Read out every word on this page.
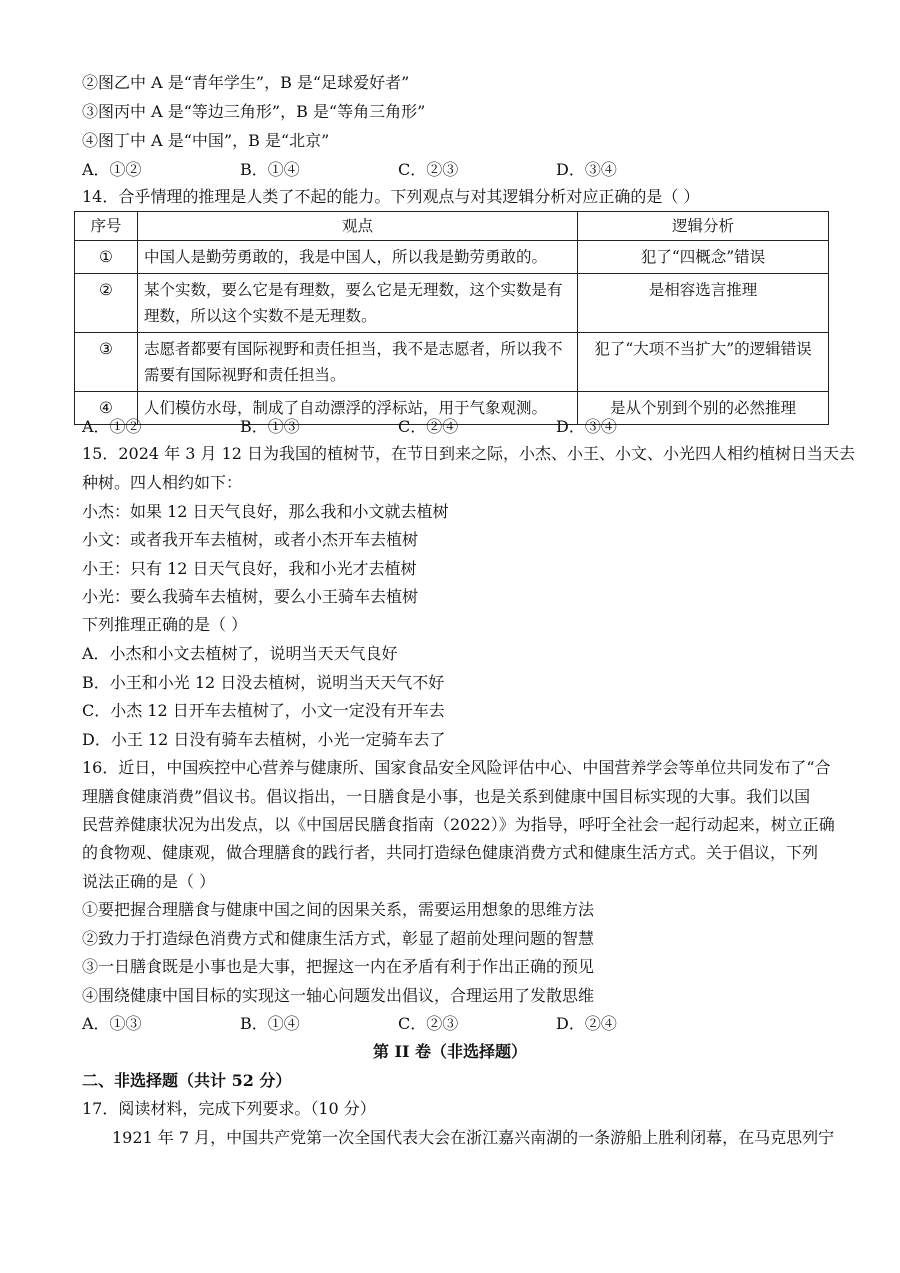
②图乙中 A 是“青年学生”，B 是“足球爱好者”
③图丙中 A 是“等边三角形”，B 是“等角三角形”
④图丁中 A 是“中国”，B 是“北京”
A．①②	B．①④	C．②③	D．③④
14．合乎情理的推理是人类了不起的能力。下列观点与对其逻辑分析对应正确的是（ ）
序号	观点	逻辑分析
①	中国人是勤劳勇敢的，我是中国人，所以我是勤劳勇敢的。	犯了“四概念”错误
②	某个实数，要么它是有理数，要么它是无理数，这个实数是有
理数，所以这个实数不是无理数。	是相容选言推理
③	志愿者都要有国际视野和责任担当，我不是志愿者，所以我不
需要有国际视野和责任担当。	犯了“大项不当扩大”的逻辑错误
④	人们模仿水母，制成了自动漂浮的浮标站，用于气象观测。	是从个别到个别的必然推理
A．①②	B．①③	C．②④	D．③④
15．2024 年 3 月 12 日为我国的植树节，在节日到来之际，小杰、小王、小文、小光四人相约植树日当天去
种树。四人相约如下：
小杰：如果 12 日天气良好，那么我和小文就去植树
小文：或者我开车去植树，或者小杰开车去植树
小王：只有 12 日天气良好，我和小光才去植树
小光：要么我骑车去植树，要么小王骑车去植树
下列推理正确的是（ ）
A．小杰和小文去植树了，说明当天天气良好
B．小王和小光 12 日没去植树，说明当天天气不好
C．小杰 12 日开车去植树了，小文一定没有开车去
D．小王 12 日没有骑车去植树，小光一定骑车去了
16．近日，中国疾控中心营养与健康所、国家食品安全风险评估中心、中国营养学会等单位共同发布了“合
理膳食健康消费”倡议书。倡议指出，一日膳食是小事，也是关系到健康中国目标实现的大事。我们以国
民营养健康状况为出发点，以《中国居民膳食指南（2022）》为指导，呼吁全社会一起行动起来，树立正确
的食物观、健康观，做合理膳食的践行者，共同打造绿色健康消费方式和健康生活方式。关于倡议，下列
说法正确的是（ ）
①要把握合理膳食与健康中国之间的因果关系，需要运用想象的思维方法
②致力于打造绿色消费方式和健康生活方式，彰显了超前处理问题的智慧
③一日膳食既是小事也是大事，把握这一内在矛盾有利于作出正确的预见
④围绕健康中国目标的实现这一轴心问题发出倡议，合理运用了发散思维
A．①③	B．①④	C．②③	D．②④
第 II 卷（非选择题）
二、非选择题（共计 52 分）
17．阅读材料，完成下列要求。（10 分）
1921 年 7 月，中国共产党第一次全国代表大会在浙江嘉兴南湖的一条游船上胜利闭幕，在马克思列宁
